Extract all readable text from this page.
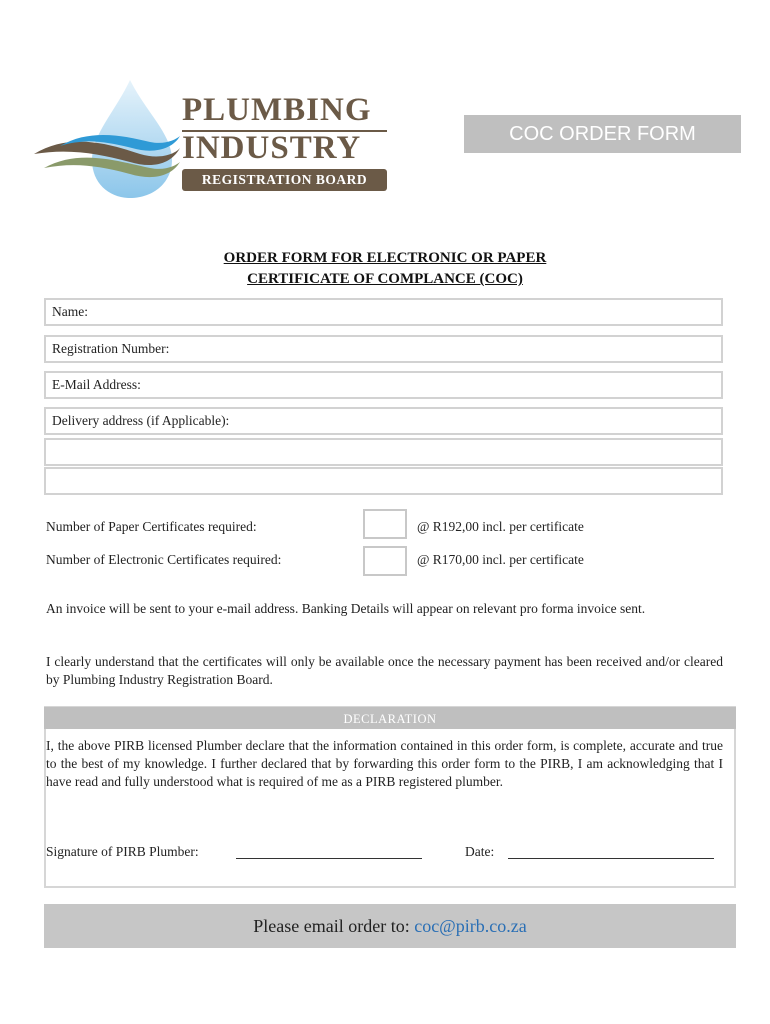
PLUMBING
INDUSTRY
REGISTRATION BOARD
COC ORDER FORM
ORDER FORM FOR ELECTRONIC OR PAPER
CERTIFICATE OF COMPLANCE (COC)
Name:
Registration Number:
E-Mail Address:
Delivery address (if Applicable):
Number of Paper Certificates required:	@ R192,00 incl. per certificate
Number of Electronic Certificates required:	@ R170,00 incl. per certificate
An invoice will be sent to your e-mail address. Banking Details will appear on relevant pro forma invoice sent.
I clearly understand that the certificates will only be available once the necessary payment has been received and/or cleared by Plumbing Industry Registration Board.
DECLARATION
I, the above PIRB licensed Plumber declare that the information contained in this order form, is complete, accurate and true to the best of my knowledge. I further declared that by forwarding this order form to the PIRB, I am acknowledging that I have read and fully understood what is required of me as a PIRB registered plumber.
Signature of PIRB Plumber:	Date:
Please email order to: coc@pirb.co.za
